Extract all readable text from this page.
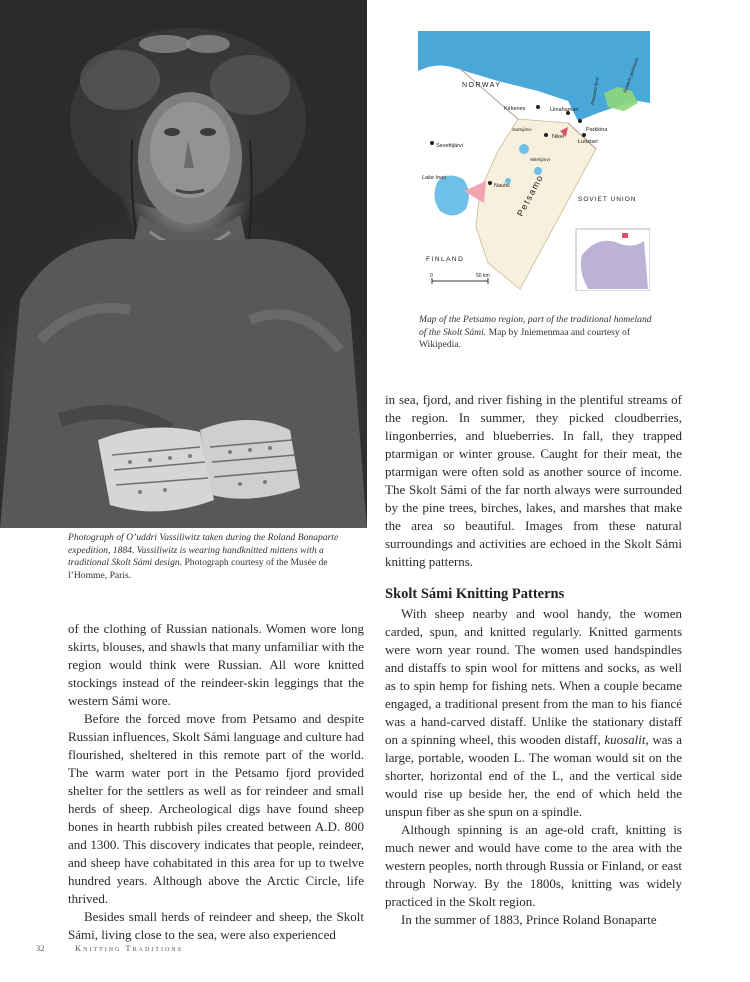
Photograph of O’uddri Vassiliwitz taken during the Roland Bonaparte expedition, 1884. Vassiliwitz is wearing handknitted mittens with a traditional Skolt Sámi design. Photograph courtesy of the Musée de l’Homme, Paris.
NORWAY
SOVIET UNION
FINLAND
Petsamo
Kirkenes	Liinahamari
Parkkina
Nikel
Luostari
Sevettijärvi
Nautsi
Lake Inari
Rybachi peninsula
Petsamo fjord
Salmijärvi
Nikehjarvi
0	50 km
Map of the Petsamo region, part of the traditional homeland of the Skolt Sámi. Map by Jniemenmaa and courtesy of Wikipedia.

of the clothing of Russian nationals. Women wore long skirts, blouses, and shawls that many unfamiliar with the region would think were Russian. All wore knitted stockings instead of the reindeer-skin leggings that the western Sámi wore.

Before the forced move from Petsamo and despite Russian influences, Skolt Sámi language and culture had flourished, sheltered in this remote part of the world. The warm water port in the Petsamo fjord provided shelter for the settlers as well as for reindeer and small herds of sheep. Archeological digs have found sheep bones in hearth rubbish piles created between A.D. 800 and 1300. This discovery indicates that people, reindeer, and sheep have cohabitated in this area for up to twelve hundred years. Although above the Arctic Circle, life thrived.

Besides small herds of reindeer and sheep, the Skolt Sámi, living close to the sea, were also experienced

in sea, fjord, and river fishing in the plentiful streams of the region. In summer, they picked cloudberries, lingonberries, and blueberries. In fall, they trapped ptarmigan or winter grouse. Caught for their meat, the ptarmigan were often sold as another source of income. The Skolt Sámi of the far north always were surrounded by the pine trees, birches, lakes, and marshes that make the area so beautiful. Images from these natural surroundings and activities are echoed in the Skolt Sámi knitting patterns.

Skolt Sámi Knitting Patterns

With sheep nearby and wool handy, the women carded, spun, and knitted regularly. Knitted garments were worn year round. The women used handspindles and distaffs to spin wool for mittens and socks, as well as to spin hemp for fishing nets. When a couple became engaged, a traditional present from the man to his fiancé was a hand-carved distaff. Unlike the stationary distaff on a spinning wheel, this wooden distaff, kuosalit, was a large, portable, wooden L. The woman would sit on the shorter, horizontal end of the L, and the vertical side would rise up beside her, the end of which held the unspun fiber as she spun on a spindle.

Although spinning is an age-old craft, knitting is much newer and would have come to the area with the western peoples, north through Russia or Finland, or east through Norway. By the 1800s, knitting was widely practiced in the Skolt region.

In the summer of 1883, Prince Roland Bonaparte

32	Knitting Traditions
